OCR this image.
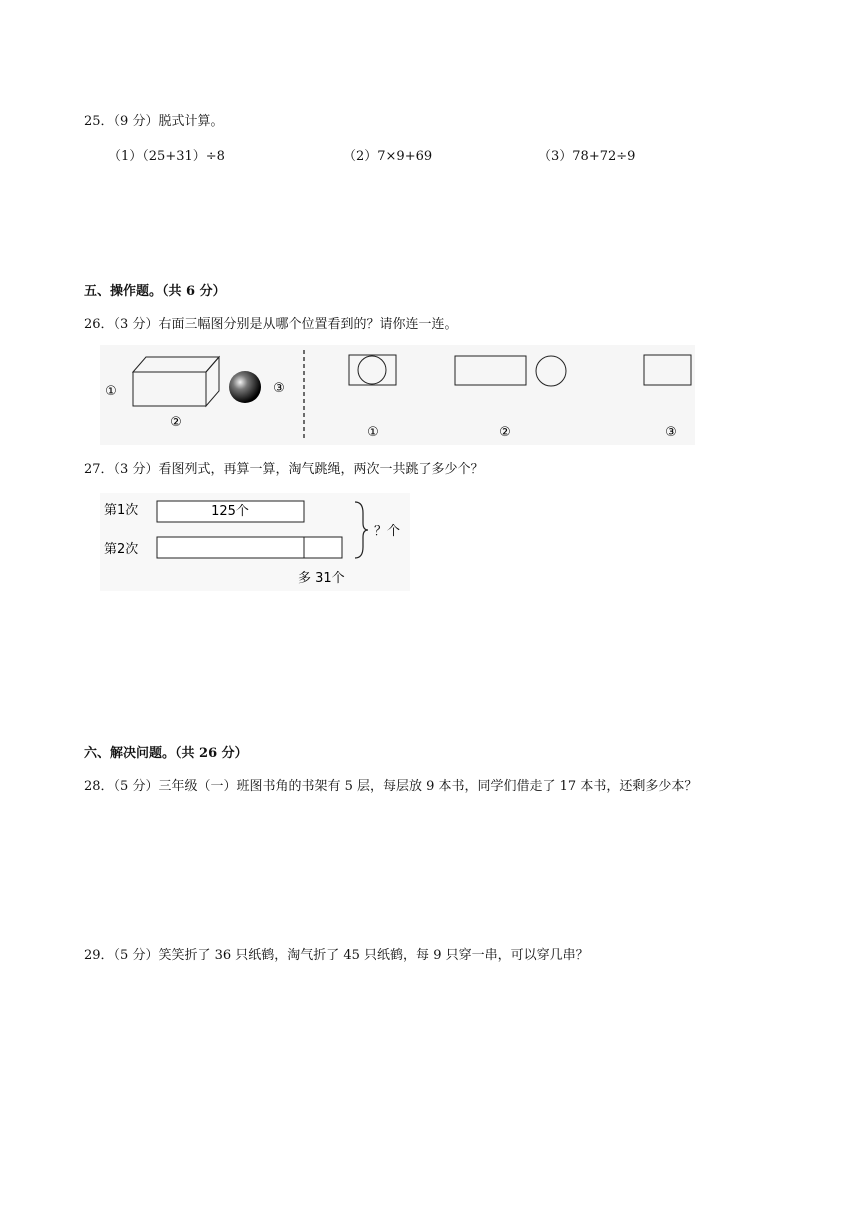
25．（9 分）脱式计算。
（1）（25+31）÷8	（2）7×9+69	（3）78+72÷9
五、操作题。（共 6 分）
26．（3 分）右面三幅图分别是从哪个位置看到的？请你连一连。
①
②
③
①	②	③
27．（3 分）看图列式，再算一算，淘气跳绳，两次一共跳了多少个？
第1次	125个
第2次
？个
多 31个
六、解决问题。（共 26 分）
28．（5 分）三年级（一）班图书角的书架有 5 层，每层放 9 本书，同学们借走了 17 本书，还剩多少本？
29．（5 分）笑笑折了 36 只纸鹤，淘气折了 45 只纸鹤，每 9 只穿一串，可以穿几串？
